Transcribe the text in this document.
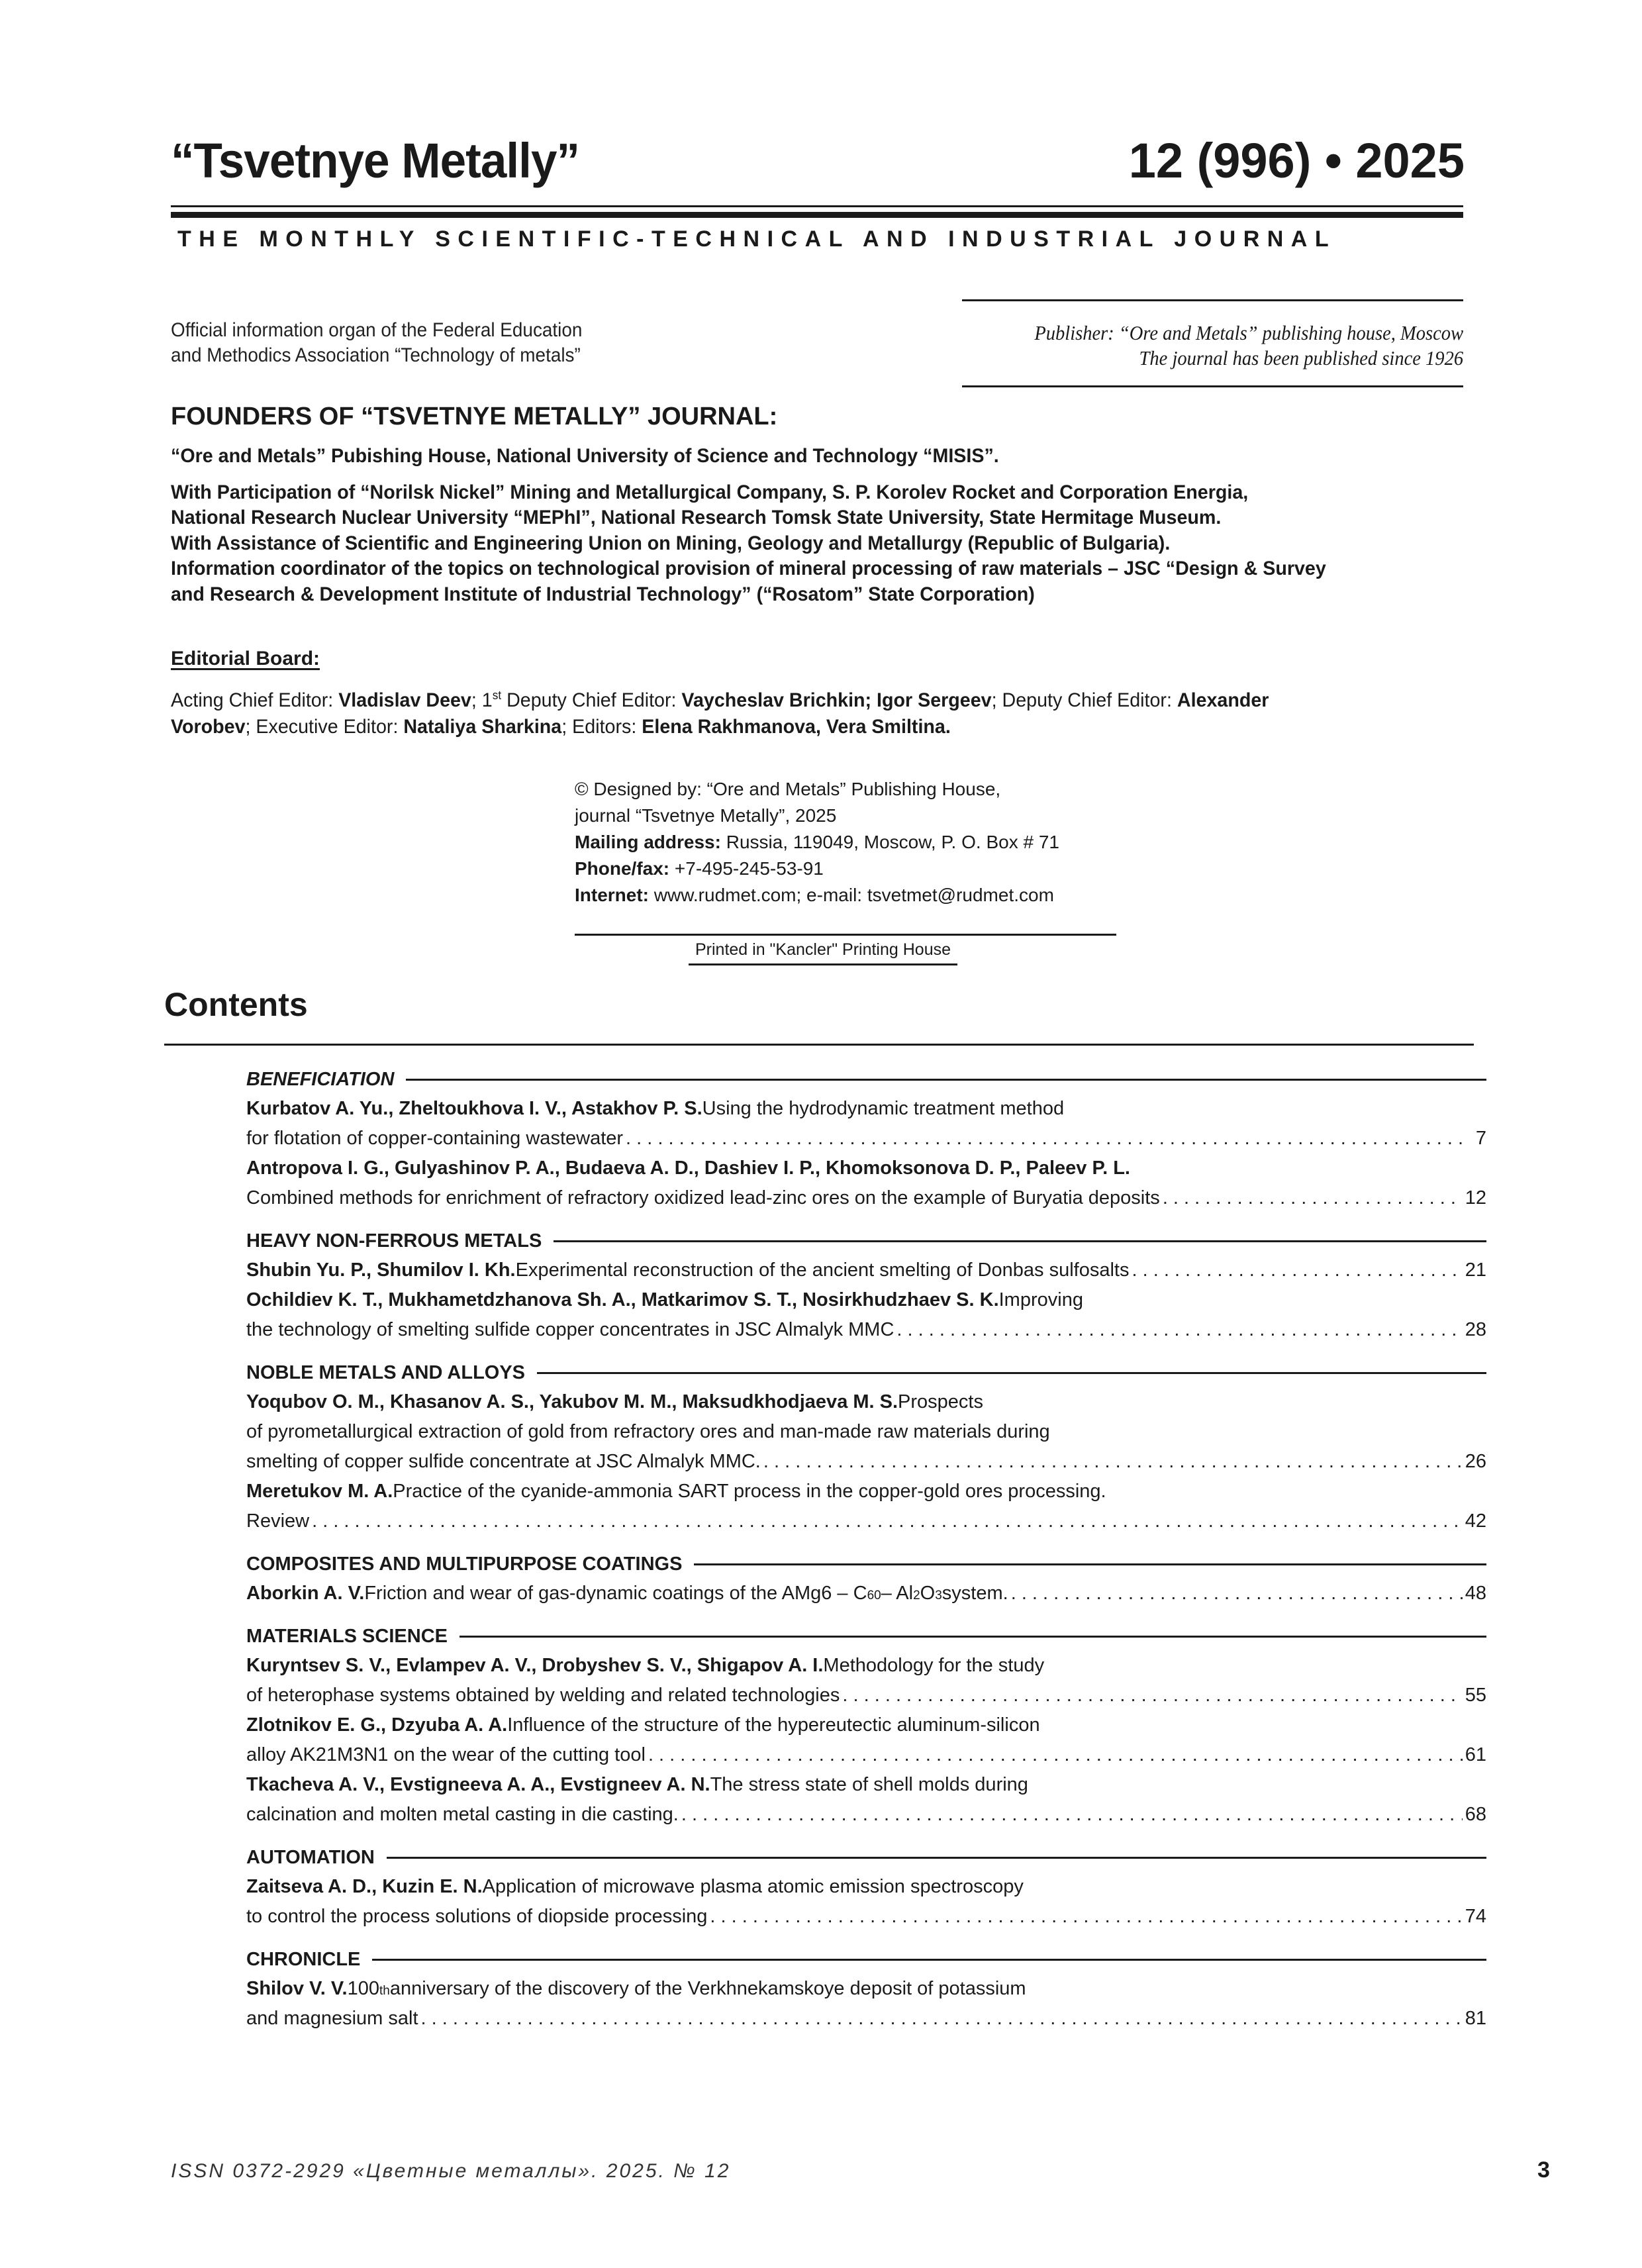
“Tsvetnye Metally”	12 (996) • 2025
THE MONTHLY SCIENTIFIC-TECHNICAL AND INDUSTRIAL JOURNAL
Official information organ of the Federal Education
and Methodics Association “Technology of metals”
Publisher: “Ore and Metals” publishing house, Moscow
The journal has been published since 1926
FOUNDERS OF “TSVETNYE METALLY” JOURNAL:

“Ore and Metals” Pubishing House, National University of Science and Technology “MISIS”.

With Participation of “Norilsk Nickel” Mining and Metallurgical Company, S. P. Korolev Rocket and Corporation Energia,

National Research Nuclear University “MEPhI”, National Research Tomsk State University, State Hermitage Museum.

With Assistance of Scientific and Engineering Union on Mining, Geology and Metallurgy (Republic of Bulgaria).

Information coordinator of the topics on technological provision of mineral processing of raw materials – JSC “Design & Survey

and Research & Development Institute of Industrial Technology” (“Rosatom” State Corporation)

Editorial Board:
Acting Chief Editor: Vladislav Deev; 1st Deputy Chief Editor: Vaycheslav Brichkin; Igor Sergeev; Deputy Chief Editor: Alexander
Vorobev; Executive Editor: Nataliya Sharkina; Editors: Elena Rakhmanova, Vera Smiltina.
© Designed by: “Ore and Metals” Publishing House,
journal “Tsvetnye Metally”, 2025
Mailing address: Russia, 119049, Moscow, P. O. Box # 71
Phone/fax: +7-495-245-53-91
Internet: www.rudmet.com; e-mail: tsvetmet@rudmet.com
Printed in "Kancler" Printing House
Contents
BENEFICIATION
Kurbatov A. Yu., Zheltoukhova I. V., Astakhov P. S. Using the hydrodynamic treatment method
for flotation of copper-containing wastewater . . .	7
Antropova I. G., Gulyashinov P. A., Budaeva A. D., Dashiev I. P., Khomoksonova D. P., Paleev P. L.
Combined methods for enrichment of refractory oxidized lead-zinc ores on the example of Buryatia deposits . . .	12
HEAVY NON-FERROUS METALS
Shubin Yu. P., Shumilov I. Kh. Experimental reconstruction of the ancient smelting of Donbas sulfosalts . . .	21
Ochildiev K. T., Mukhametdzhanova Sh. A., Matkarimov S. T., Nosirkhudzhaev S. K. Improving
the technology of smelting sulfide copper concentrates in JSC Almalyk MMC . . .	28
NOBLE METALS AND ALLOYS
Yoqubov O. M., Khasanov A. S., Yakubov M. M., Maksudkhodjaeva M. S. Prospects
of pyrometallurgical extraction of gold from refractory ores and man-made raw materials during
smelting of copper sulfide concentrate at JSC Almalyk MMC. . . .	26
Meretukov M. A. Practice of the cyanide-ammonia SART process in the copper-gold ores processing.
Review . . .	42
COMPOSITES AND MULTIPURPOSE COATINGS
Aborkin A. V. Friction and wear of gas-dynamic coatings of the AMg6 – C 60 – Al 2 O 3 system. . . .	48
MATERIALS SCIENCE
Kuryntsev S. V., Evlampev A. V., Drobyshev S. V., Shigapov A. I. Methodology for the study
of heterophase systems obtained by welding and related technologies . . .	55
Zlotnikov E. G., Dzyuba A. A. Influence of the structure of the hypereutectic aluminum-silicon
alloy AK21M3N1 on the wear of the cutting tool . . .	61
Tkacheva A. V., Evstigneeva A. A., Evstigneev A. N. The stress state of shell molds during
calcination and molten metal casting in die casting. . . .	68
AUTOMATION
Zaitseva A. D., Kuzin E. N. Application of microwave plasma atomic emission spectroscopy
to control the process solutions of diopside processing . . .	74
CHRONICLE
Shilov V. V. 100 th anniversary of the discovery of the Verkhnekamskoye deposit of potassium
and magnesium salt . . .	81
ISSN 0372-2929 «Цветные металлы». 2025. № 12	3
